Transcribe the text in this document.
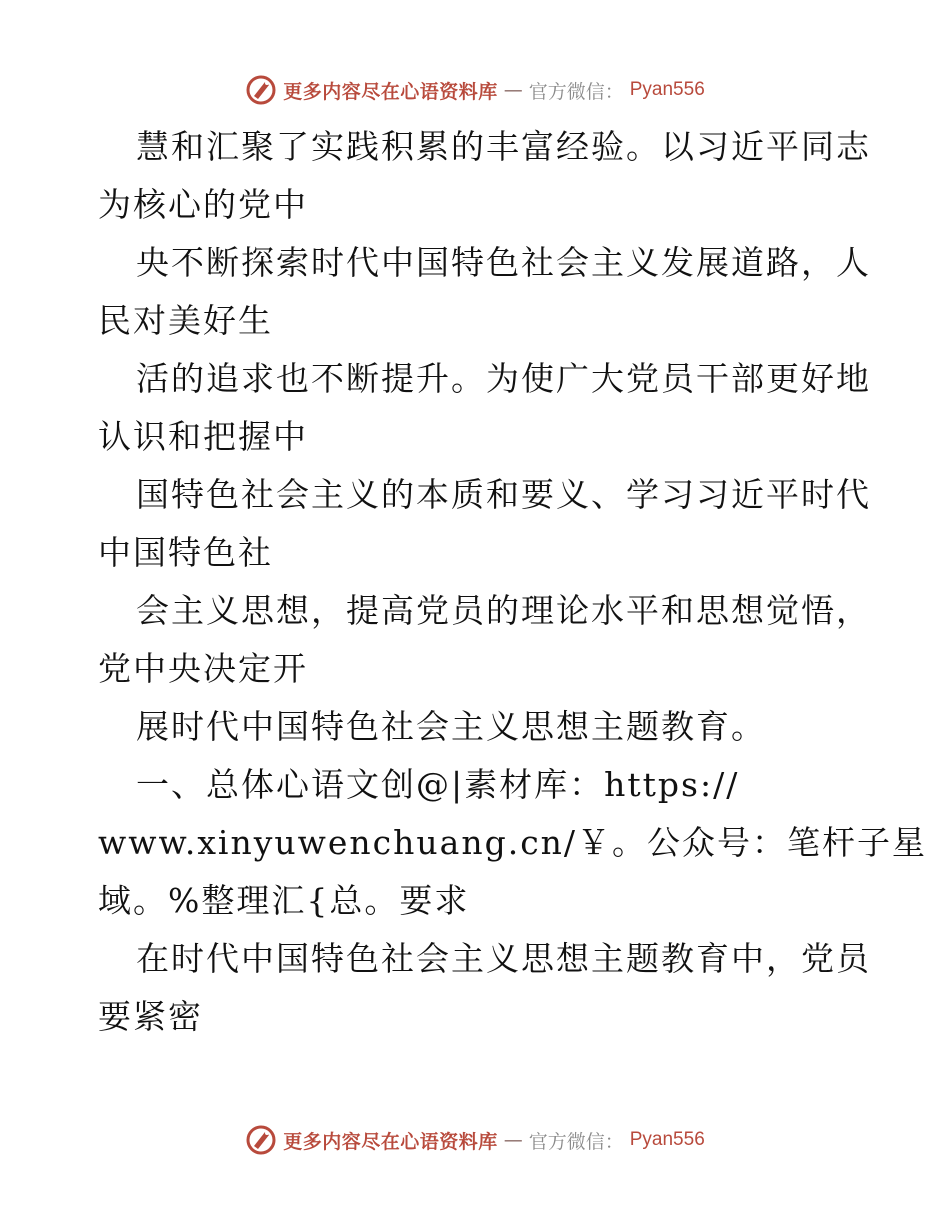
更多内容尽在心语资料库 — 官方微信： Pyan556
慧和汇聚了实践积累的丰富经验。以习近平同志
为核心的党中
央不断探索时代中国特色社会主义发展道路，人
民对美好生
活的追求也不断提升。为使广大党员干部更好地
认识和把握中
国特色社会主义的本质和要义、学习习近平时代
中国特色社
会主义思想，提高党员的理论水平和思想觉悟，
党中央决定开
展时代中国特色社会主义思想主题教育。
一、总体心语文创@|素材库：https://
www.xinyuwenchuang.cn/￥。公众号：笔杆子星
域。%整理汇{总。要求
在时代中国特色社会主义思想主题教育中，党员
要紧密
更多内容尽在心语资料库 — 官方微信： Pyan556
